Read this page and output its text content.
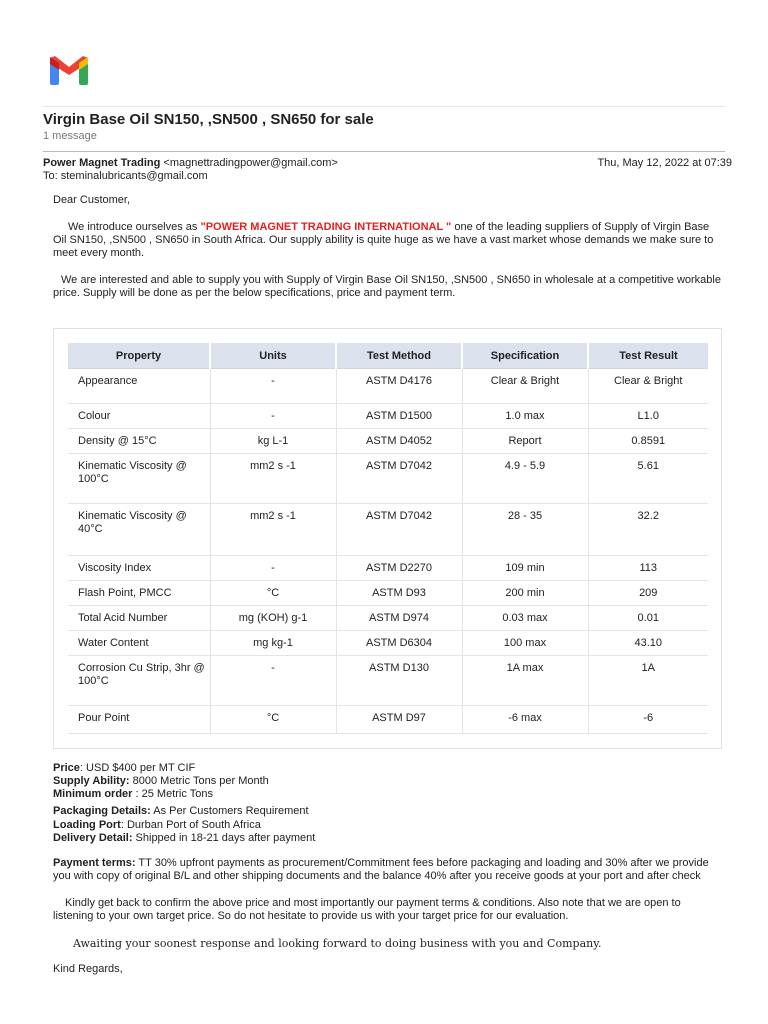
Virgin Base Oil SN150, ,SN500 , SN650 for sale
1 message
Power Magnet Trading <magnettradingpower@gmail.com>
To: steminalubricants@gmail.com
Thu, May 12, 2022 at 07:39
Dear Customer,
We introduce ourselves as "POWER MAGNET TRADING INTERNATIONAL " one of the leading suppliers of Supply of Virgin Base Oil SN150, ,SN500 , SN650 in South Africa. Our supply ability is quite huge as we have a vast market whose demands we make sure to meet every month.
We are interested and able to supply you with Supply of Virgin Base Oil SN150, ,SN500 , SN650 in wholesale at a competitive workable price. Supply will be done as per the below specifications, price and payment term.
Property	Units	Test Method	Specification	Test Result
Appearance	-	ASTM D4176	Clear & Bright	Clear & Bright
Colour	-	ASTM D1500	1.0 max	L1.0
Density @ 15°C	kg L-1	ASTM D4052	Report	0.8591
Kinematic Viscosity @ 100°C	mm2 s -1	ASTM D7042	4.9 - 5.9	5.61
Kinematic Viscosity @ 40°C	mm2 s -1	ASTM D7042	28 - 35	32.2
Viscosity Index	-	ASTM D2270	109 min	113
Flash Point, PMCC	°C	ASTM D93	200 min	209
Total Acid Number	mg (KOH) g-1	ASTM D974	0.03 max	0.01
Water Content	mg kg-1	ASTM D6304	100 max	43.10
Corrosion Cu Strip, 3hr @ 100°C	-	ASTM D130	1A max	1A
Pour Point	°C	ASTM D97	-6 max	-6
Price: USD $400 per MT CIF
Supply Ability: 8000 Metric Tons per Month
Minimum order : 25 Metric Tons
Packaging Details: As Per Customers Requirement
Loading Port: Durban Port of South Africa
Delivery Detail: Shipped in 18-21 days after payment
Payment terms: TT 30% upfront payments as procurement/Commitment fees before packaging and loading and 30% after we provide you with copy of original B/L and other shipping documents and the balance 40% after you receive goods at your port and after check
Kindly get back to confirm the above price and most importantly our payment terms & conditions. Also note that we are open to listening to your own target price. So do not hesitate to provide us with your target price for our evaluation.
Awaiting your soonest response and looking forward to doing business with you and Company.
Kind Regards,
